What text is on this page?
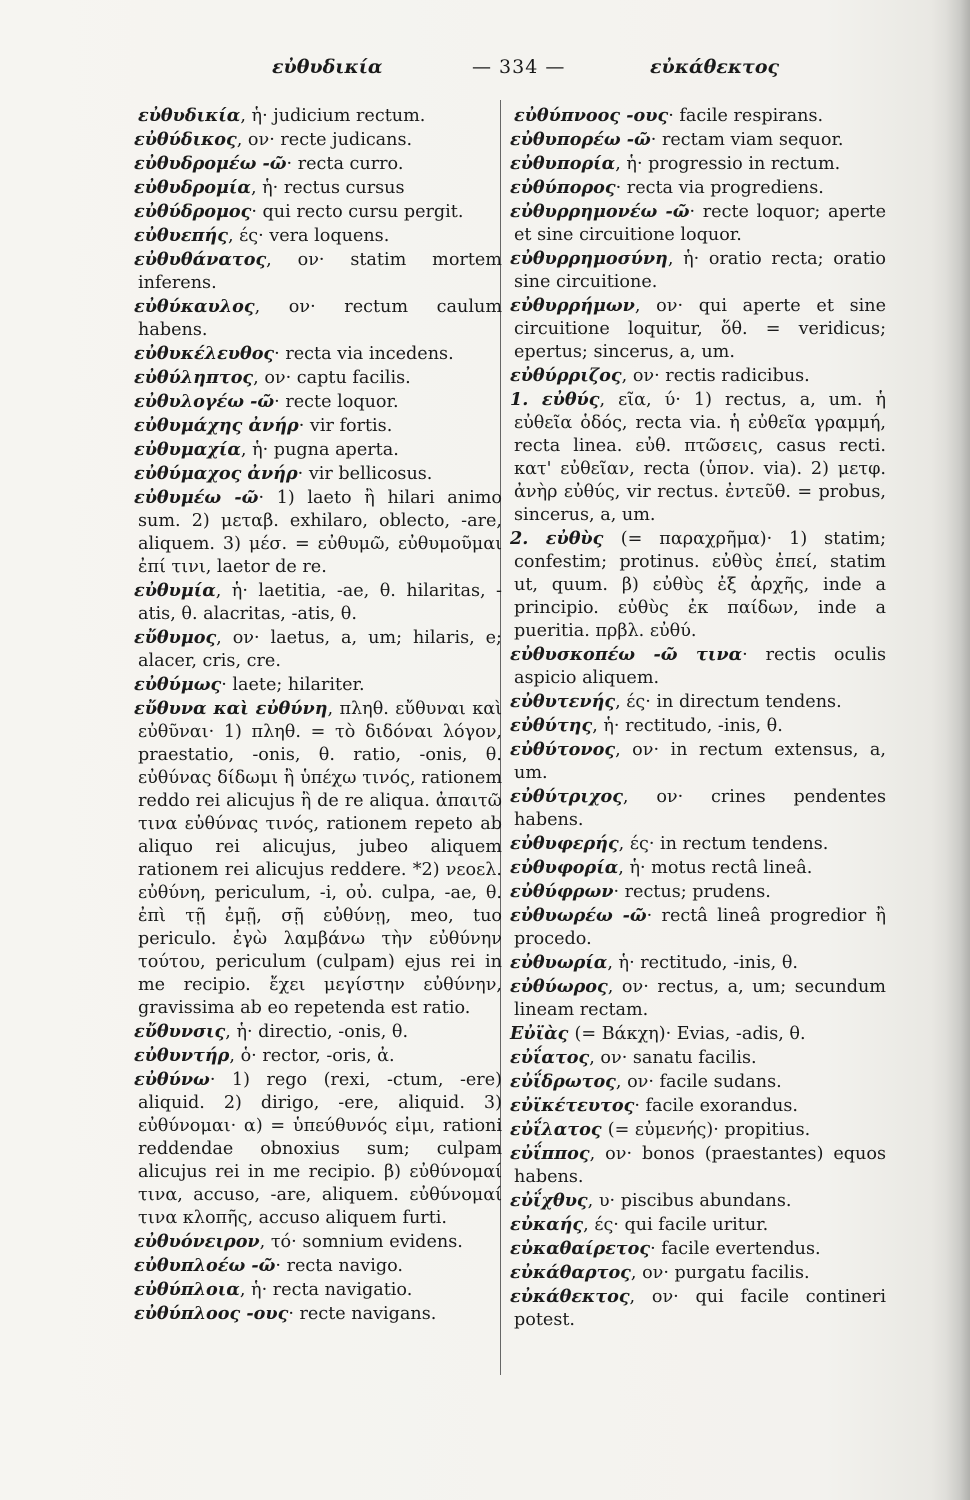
εὐθυδικία	— 334 —	εὐκάθεκτος

εὐθυδικία, ἡ· judicium rectum.

εὐθύδικος, ον· recte judicans.

εὐθυδρομέω -ῶ· recta curro.

εὐθυδρομία, ἡ· rectus cursus

εὐθύδρομος· qui recto cursu pergit.

εὐθυεπής, ές· vera loquens.

εὐθυθάνατος, ον· statim mortem inferens.

εὐθύκαυλος, ον· rectum caulum habens.

εὐθυκέλευθος· recta via incedens.

εὐθύληπτος, ον· captu facilis.

εὐθυλογέω -ῶ· recte loquor.

εὐθυμάχης ἀνήρ· vir fortis.

εὐθυμαχία, ἡ· pugna aperta.

εὐθύμαχος ἀνήρ· vir bellicosus.

εὐθυμέω -ῶ· 1) laeto ἢ hilari animo sum. 2) μεταβ. exhilaro, oblecto, -are, aliquem. 3) μέσ. = εὐθυμῶ, εὐθυμοῦμαι ἐπί τινι, laetor de re.

εὐθυμία, ἡ· laetitia, -ae, θ. hilaritas, -atis, θ. alacritas, -atis, θ.

εὔθυμος, ον· laetus, a, um; hilaris, e; alacer, cris, cre.

εὐθύμως· laete; hilariter.

εὔθυνα καὶ εὐθύνη, πληθ. εὔθυναι καὶ εὐθῦναι· 1) πληθ. = τὸ διδόναι λόγον, praestatio, -onis, θ. ratio, -onis, θ. εὐθύνας δίδωμι ἢ ὑπέχω τινός, rationem reddo rei alicujus ἢ de re aliqua. ἀπαιτῶ τινα εὐθύνας τινός, rationem repeto ab aliquo rei alicujus, jubeo aliquem rationem rei alicujus reddere. *2) νεοελ. εὐθύνη, periculum, -i, οὐ. culpa, -ae, θ. ἐπὶ τῇ ἐμῇ, σῇ εὐθύνῃ, meo, tuo periculo. ἐγὼ λαμβάνω τὴν εὐθύνην τούτου, periculum (culpam) ejus rei in me recipio. ἔχει μεγίστην εὐθύνην, gravissima ab eo repetenda est ratio.

εὔθυνσις, ἡ· directio, -onis, θ.

εὐθυντήρ, ὁ· rector, -oris, ἀ.

εὐθύνω· 1) rego (rexi, -ctum, -ere) aliquid. 2) dirigo, -ere, aliquid. 3) εὐθύνομαι· α) = ὑπεύθυνός εἰμι, rationi reddendae obnoxius sum; culpam alicujus rei in me recipio. β) εὐθύνομαί τινα, accuso, -are, aliquem. εὐθύνομαί τινα κλοπῆς, accuso aliquem furti.

εὐθυόνειρον, τό· somnium evidens.

εὐθυπλοέω -ῶ· recta navigo.

εὐθύπλοια, ἡ· recta navigatio.

εὐθύπλοος -ους· recte navigans.

εὐθύπνοος -ους· facile respirans.

εὐθυπορέω -ῶ· rectam viam sequor.

εὐθυπορία, ἡ· progressio in rectum.

εὐθύπορος· recta via progrediens.

εὐθυρρημονέω -ῶ· recte loquor; aperte et sine circuitione loquor.

εὐθυρρημοσύνη, ἡ· oratio recta; oratio sine circuitione.

εὐθυρρήμων, ον· qui aperte et sine circuitione loquitur, ὅθ. = veridicus; epertus; sincerus, a, um.

εὐθύρριζος, ον· rectis radicibus.

1. εὐθύς, εῖα, ύ· 1) rectus, a, um. ἡ εὐθεῖα ὁδός, recta via. ἡ εὐθεῖα γραμμή, recta linea. εὐθ. πτῶσεις, casus recti. κατ' εὐθεῖαν, recta (ὑπον. via). 2) μετφ. ἀνὴρ εὐθύς, vir rectus. ἐντεῦθ. = probus, sincerus, a, um.

2. εὐθὺς (= παραχρῆμα)· 1) statim; confestim; protinus. εὐθὺς ἐπεί, statim ut, quum. β) εὐθὺς ἐξ ἀρχῆς, inde a principio. εὐθὺς ἐκ παίδων, inde a pueritia. πρβλ. εὐθύ.

εὐθυσκοπέω -ῶ τινα· rectis oculis aspicio aliquem.

εὐθυτενής, ές· in directum tendens.

εὐθύτης, ἡ· rectitudo, -inis, θ.

εὐθύτονος, ον· in rectum extensus, a, um.

εὐθύτριχος, ον· crines pendentes habens.

εὐθυφερής, ές· in rectum tendens.

εὐθυφορία, ἡ· motus rectâ lineâ.

εὐθύφρων· rectus; prudens.

εὐθυωρέω -ῶ· rectâ lineâ progredior ἢ procedo.

εὐθυωρία, ἡ· rectitudo, -inis, θ.

εὐθύωρος, ον· rectus, a, um; secundum lineam rectam.

Εὐϊὰς (= Βάκχη)· Evias, -adis, θ.

εὐΐατος, ον· sanatu facilis.

εὐΐδρωτος, ον· facile sudans.

εὐϊκέτευτος· facile exorandus.

εὐΐλατος (= εὐμενής)· propitius.

εὐΐππος, ον· bonos (praestantes) equos habens.

εὐΐχθυς, υ· piscibus abundans.

εὐκαής, ές· qui facile uritur.

εὐκαθαίρετος· facile evertendus.

εὐκάθαρτος, ον· purgatu facilis.

εὐκάθεκτος, ον· qui facile contineri potest.
